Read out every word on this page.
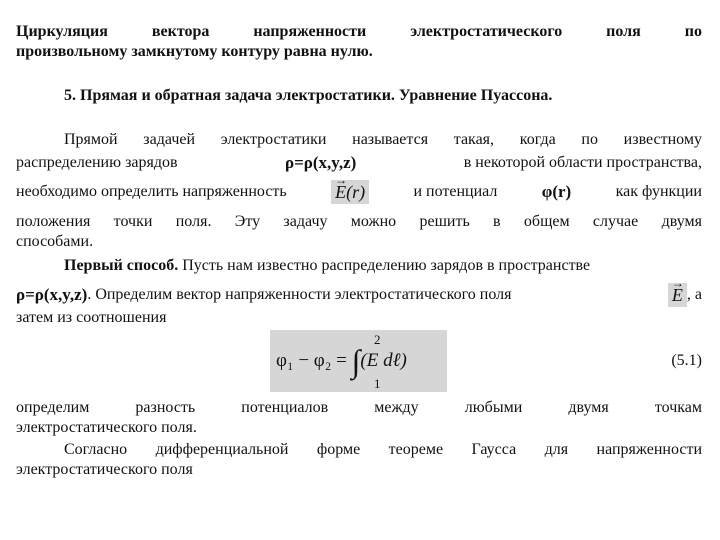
Циркуляция вектора напряженности электростатического поля по
произвольному замкнутому контуру равна нулю.
5. Прямая и обратная задача электростатики. Уравнение Пуассона.
Прямой задачей электростатики называется такая, когда по известному
распределению зарядов	ρ=ρ(x,y,z)	в некоторой области пространства,
необходимо определить напряженность	→ E(r)	и потенциал	φ(r)	как функции
положения точки поля. Эту задачу можно решить в общем случае двумя
способами.
Первый способ. Пусть нам известно распределению зарядов в пространстве
ρ=ρ(x,y,z) . Определим вектор напряженности электростатического поля	→ E , а
затем из соотношения
2
φ₁ − φ₂ = ∫(E dℓ)
1
(5.1)
определим разность потенциалов между любыми двумя точкам
электростатического поля.
Согласно дифференциальной форме теореме Гаусса для напряженности
электростатического поля
